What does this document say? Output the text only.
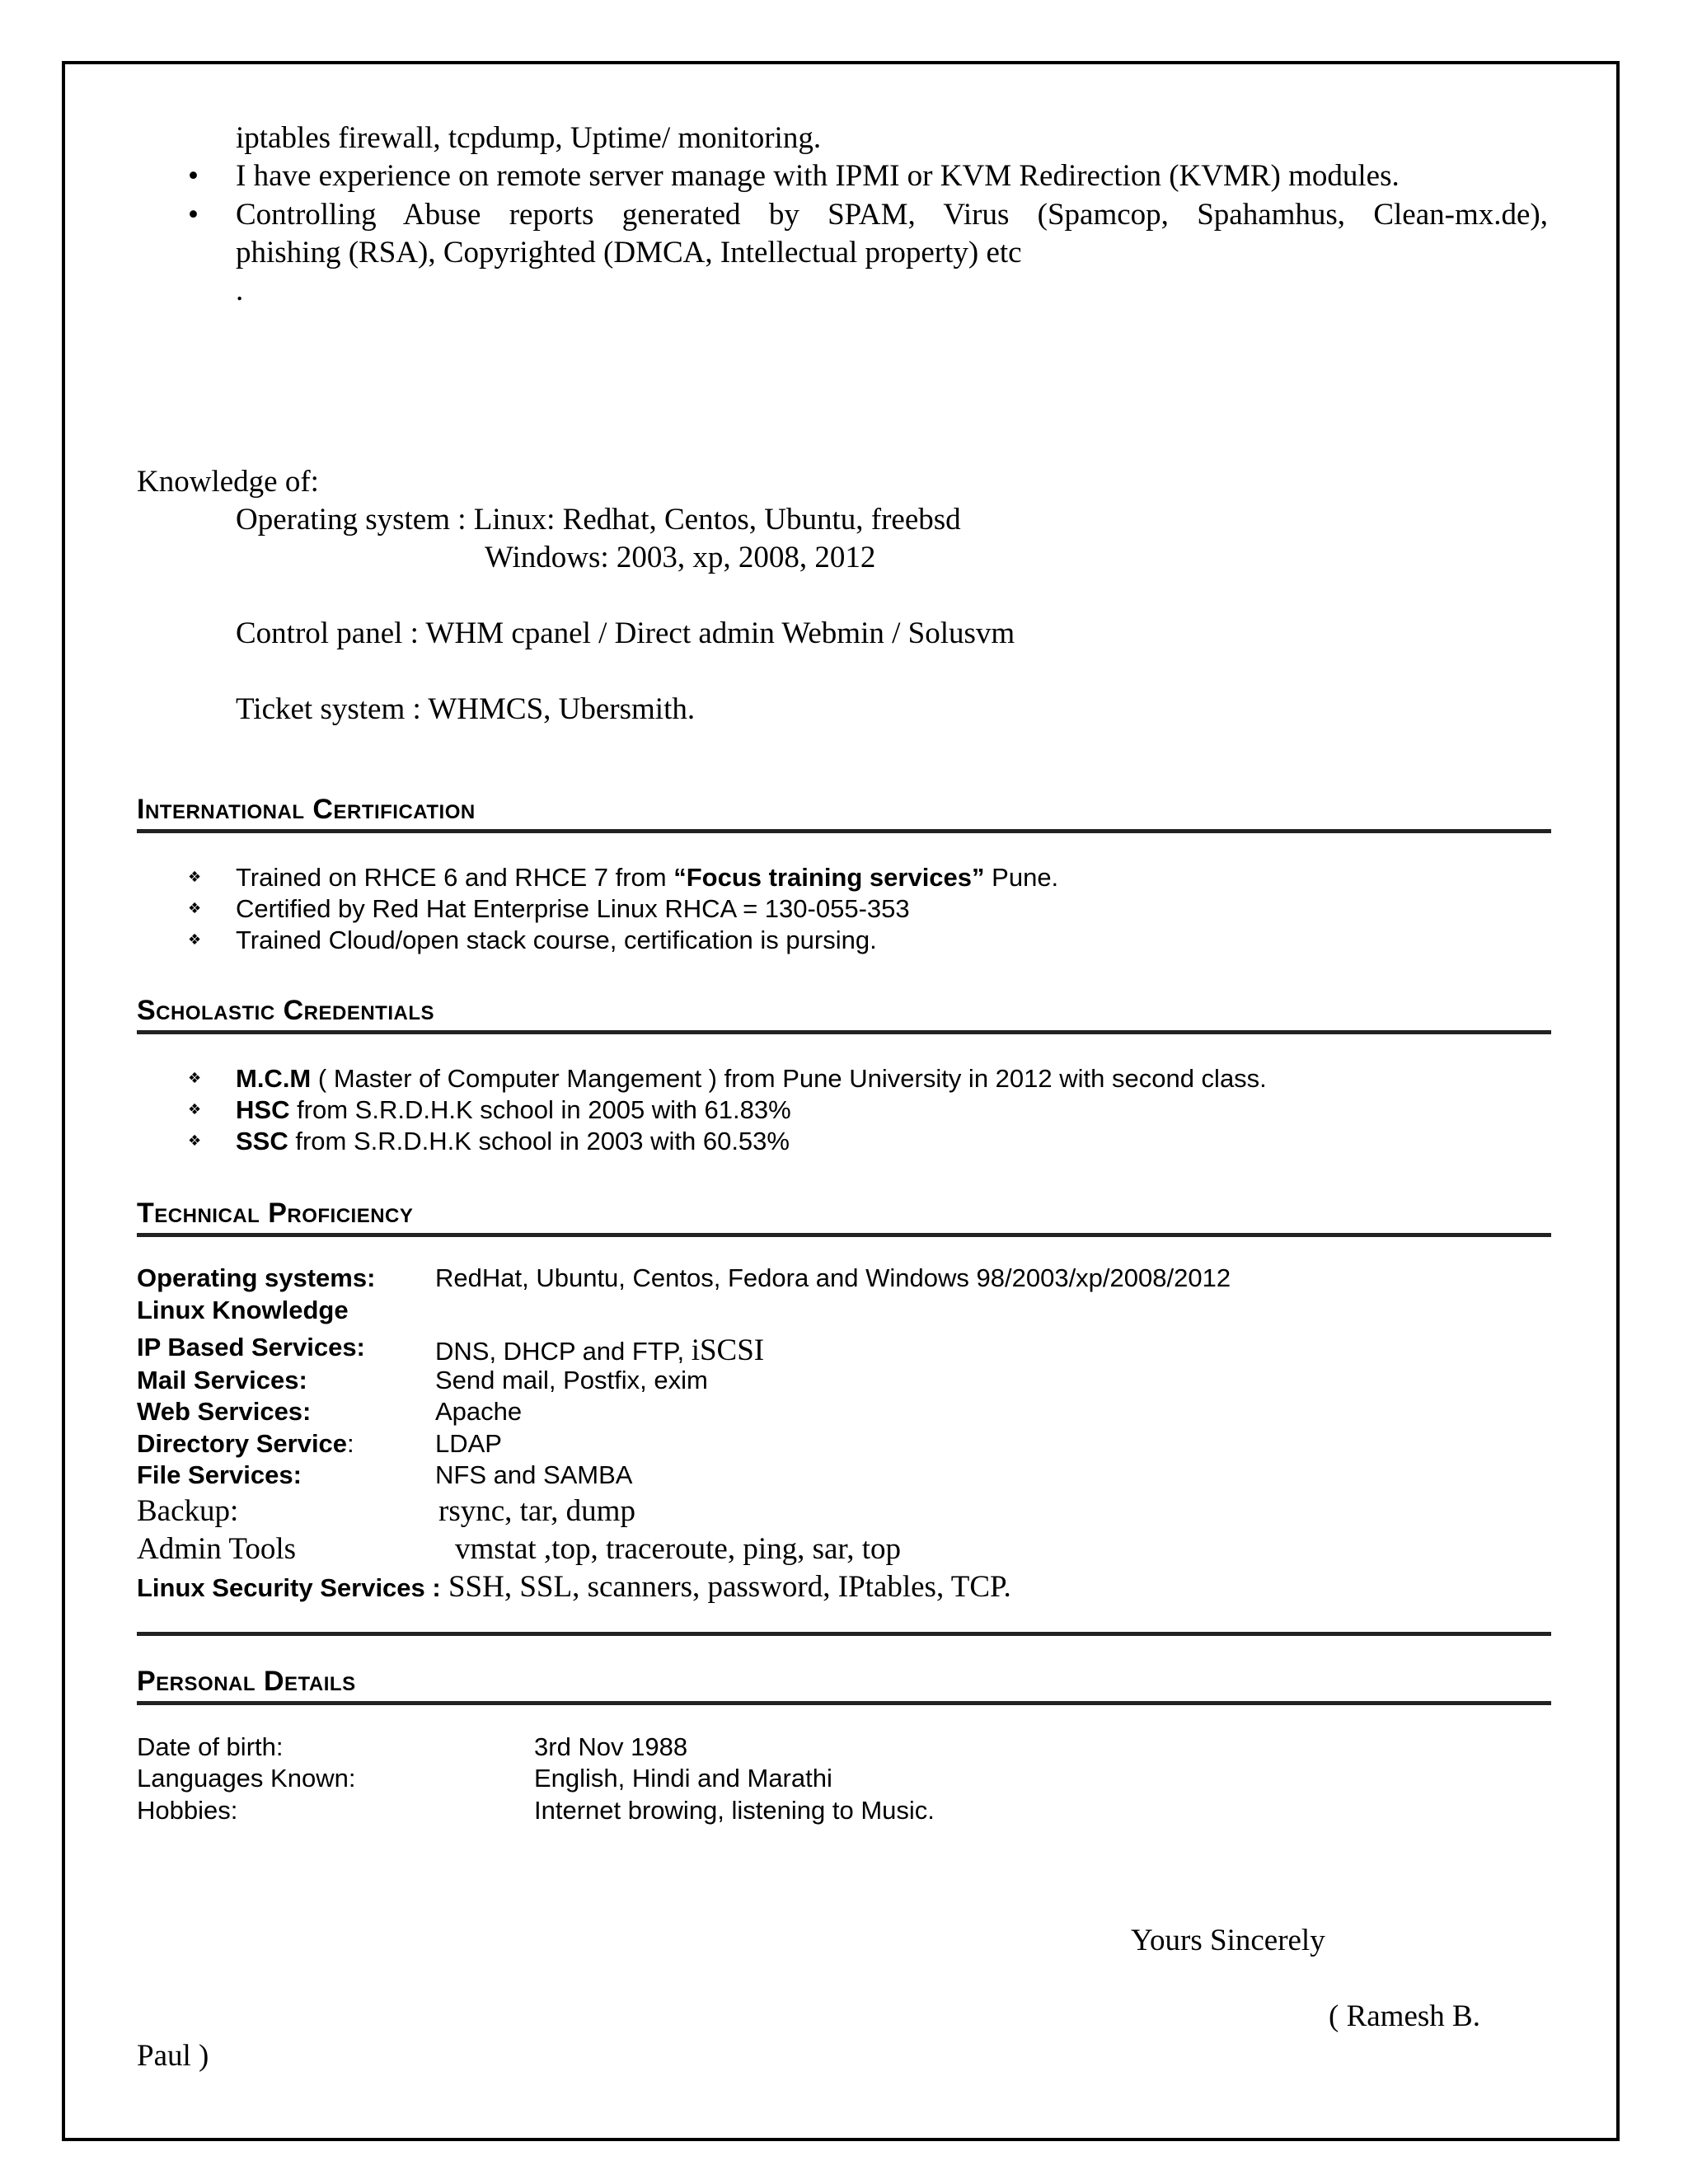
iptables firewall, tcpdump, Uptime/ monitoring.
• I have experience on remote server manage with IPMI or KVM Redirection (KVMR) modules.
• Controlling Abuse reports generated by SPAM, Virus (Spamcop, Spahamhus, Clean-mx.de),
phishing (RSA), Copyrighted (DMCA, Intellectual property) etc
.
Knowledge of:
Operating system : Linux: Redhat, Centos, Ubuntu, freebsd
Windows: 2003, xp, 2008, 2012
Control panel : WHM cpanel / Direct admin Webmin / Solusvm
Ticket system : WHMCS, Ubersmith.
International Certification
❖ Trained on RHCE 6 and RHCE 7 from “Focus training services” Pune.
❖ Certified by Red Hat Enterprise Linux RHCA = 130-055-353
❖ Trained Cloud/open stack course, certification is pursing.
Scholastic Credentials
❖ M.C.M ( Master of Computer Mangement ) from Pune University in 2012 with second class.
❖ HSC from S.R.D.H.K school in 2005 with 61.83%
❖ SSC from S.R.D.H.K school in 2003 with 60.53%
Technical Proficiency
Operating systems: RedHat, Ubuntu, Centos, Fedora and Windows 98/2003/xp/2008/2012
Linux Knowledge
IP Based Services:	DNS, DHCP and FTP, iSCSI
Mail Services:	Send mail, Postfix, exim
Web Services:	Apache
Directory Service:	LDAP
File Services:	NFS and SAMBA
Backup:	rsync, tar, dump
Admin Tools	vmstat ,top, traceroute, ping, sar, top
Linux Security Services : SSH, SSL, scanners, password, IPtables, TCP.
Personal Details
Date of birth:	3rd Nov 1988
Languages Known:	English, Hindi and Marathi
Hobbies:	Internet browing, listening to Music.
Yours Sincerely
( Ramesh B.
Paul )
